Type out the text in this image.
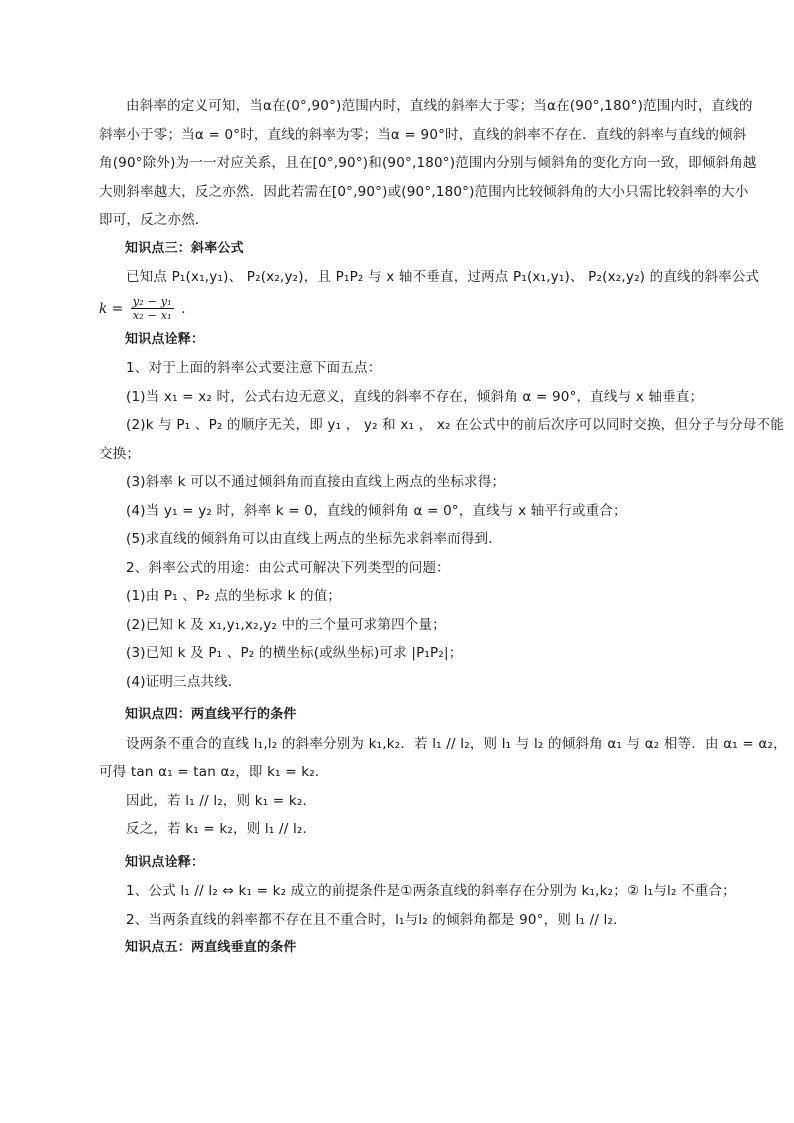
由斜率的定义可知，当α在(0°,90°)范围内时，直线的斜率大于零；当α在(90°,180°)范围内时，直线的

斜率小于零；当α = 0°时，直线的斜率为零；当α = 90°时，直线的斜率不存在．直线的斜率与直线的倾斜

角(90°除外)为一一对应关系，且在[0°,90°)和(90°,180°)范围内分别与倾斜角的变化方向一致，即倾斜角越

大则斜率越大，反之亦然．因此若需在[0°,90°)或(90°,180°)范围内比较倾斜角的大小只需比较斜率的大小

即可，反之亦然．

知识点三：斜率公式

已知点 P₁(x₁,y₁)、 P₂(x₂,y₂)，且 P₁P₂ 与 x 轴不垂直，过两点 P₁(x₁,y₁)、 P₂(x₂,y₂) 的直线的斜率公式

$k = \frac{\text{y₂ − y₁}}{\text{x₂ − x₁}}$ ．

知识点诠释：

1、对于上面的斜率公式要注意下面五点：

(1)当 x₁ = x₂ 时，公式右边无意义，直线的斜率不存在，倾斜角 α = 90°，直线与 x 轴垂直；

(2)k 与 P₁ 、P₂ 的顺序无关，即 y₁ ， y₂ 和 x₁ ， x₂ 在公式中的前后次序可以同时交换，但分子与分母不能

交换；

(3)斜率 k 可以不通过倾斜角而直接由直线上两点的坐标求得；

(4)当 y₁ = y₂ 时，斜率 k = 0，直线的倾斜角 α = 0°，直线与 x 轴平行或重合；

(5)求直线的倾斜角可以由直线上两点的坐标先求斜率而得到．

2、斜率公式的用途：由公式可解决下列类型的问题：

(1)由 P₁ 、P₂ 点的坐标求 k 的值；

(2)已知 k 及 x₁,y₁,x₂,y₂ 中的三个量可求第四个量；

(3)已知 k 及 P₁ 、P₂ 的横坐标(或纵坐标)可求 |P₁P₂|；

(4)证明三点共线．

知识点四：两直线平行的条件

设两条不重合的直线 l₁,l₂ 的斜率分别为 k₁,k₂．若 l₁ // l₂，则 l₁ 与 l₂ 的倾斜角 α₁ 与 α₂ 相等．由 α₁ = α₂，

可得 tan α₁ = tan α₂，即 k₁ = k₂．

因此，若 l₁ // l₂，则 k₁ = k₂．

反之，若 k₁ = k₂，则 l₁ // l₂．

知识点诠释：

1、公式 l₁ // l₂ ⇔ k₁ = k₂ 成立的前提条件是①两条直线的斜率存在分别为 k₁,k₂；② l₁与l₂ 不重合；

2、当两条直线的斜率都不存在且不重合时，l₁与l₂ 的倾斜角都是 90°，则 l₁ // l₂．

知识点五：两直线垂直的条件
